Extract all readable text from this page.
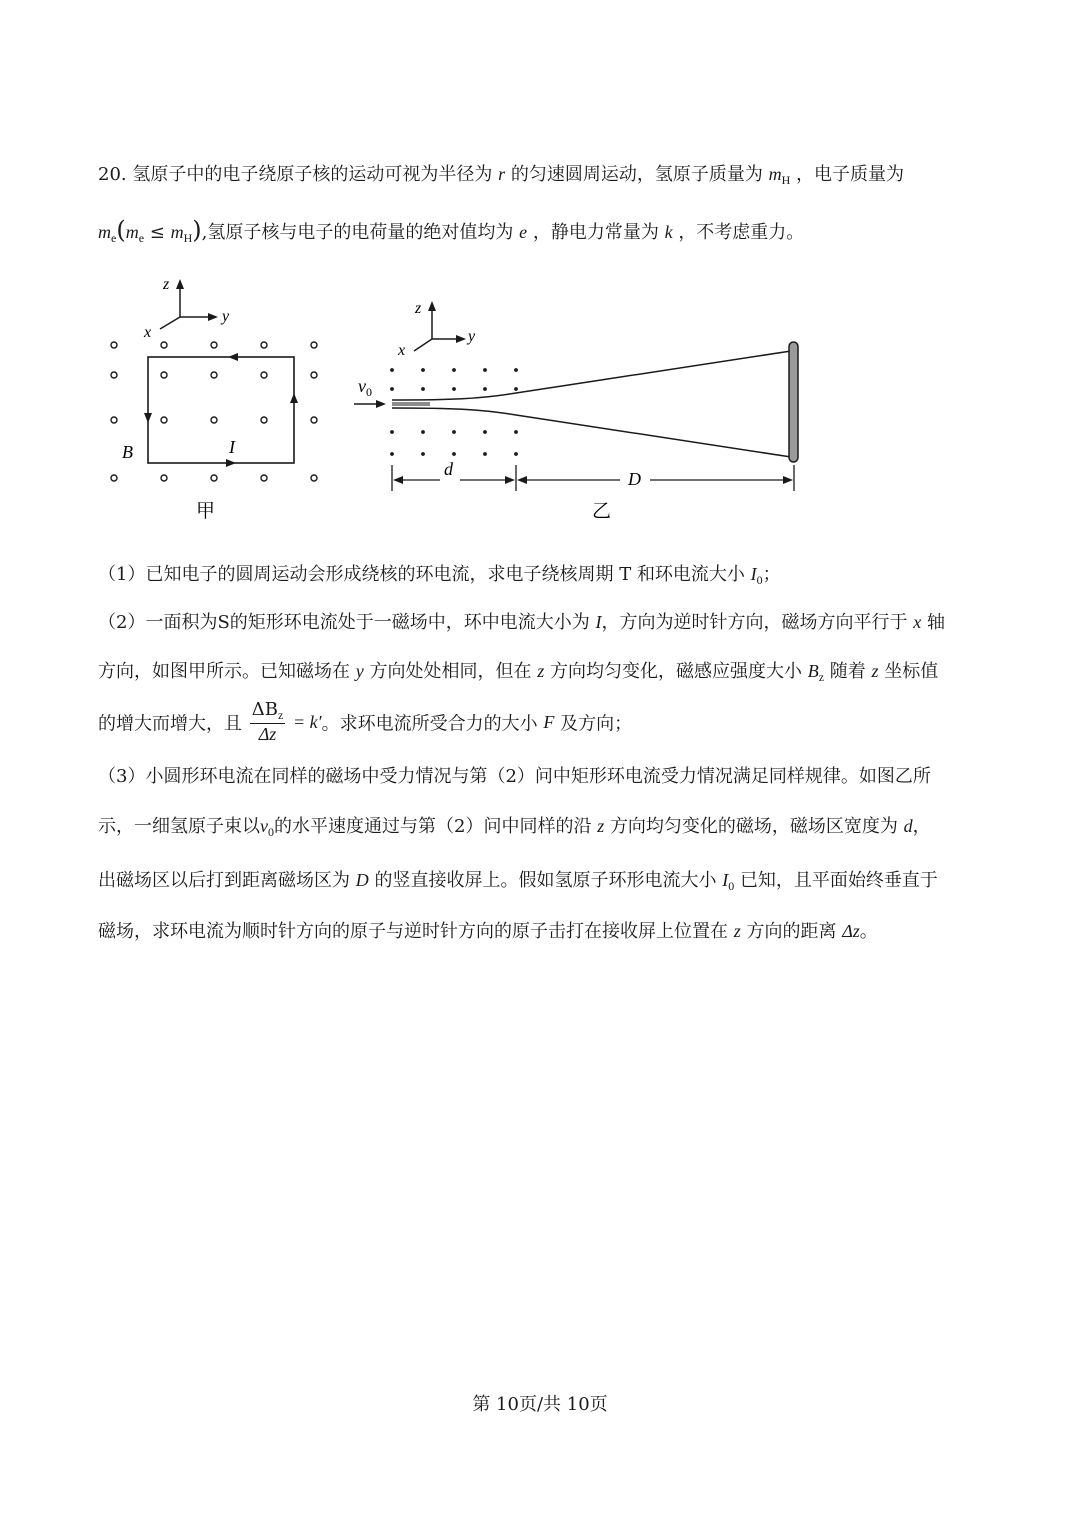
20. 氢原子中的电子绕原子核的运动可视为半径为 r 的匀速圆周运动，氢原子质量为 $m_H$ ，电子质量为
$m_e(m_e \le m_H)$,氢原子核与电子的电荷量的绝对值均为 e ，静电力常量为 k ，不考虑重力。
z
y
x
B	I
甲
z
y
x
$v_0$
d	D
乙
（1）已知电子的圆周运动会形成绕核的环电流，求电子绕核周期 T 和环电流大小 $I_0$；
（2）一面积为S的矩形环电流处于一磁场中，环中电流大小为 I，方向为逆时针方向，磁场方向平行于 x 轴
方向，如图甲所示。已知磁场在 y 方向处处相同，但在 z 方向均匀变化，磁感应强度大小 $B_z$ 随着 z 坐标值
的增大而增大，且 $\frac{\Delta B_z}{\Delta z} = k'$。求环电流所受合力的大小 F 及方向；
（3）小圆形环电流在同样的磁场中受力情况与第（2）问中矩形环电流受力情况满足同样规律。如图乙所
示，一细氢原子束以$v_0$的水平速度通过与第（2）问中同样的沿 z 方向均匀变化的磁场，磁场区宽度为 d，
出磁场区以后打到距离磁场区为 D 的竖直接收屏上。假如氢原子环形电流大小 $I_0$ 已知，且平面始终垂直于
磁场，求环电流为顺时针方向的原子与逆时针方向的原子击打在接收屏上位置在 z 方向的距离 Δz。
第 10页/共 10页
